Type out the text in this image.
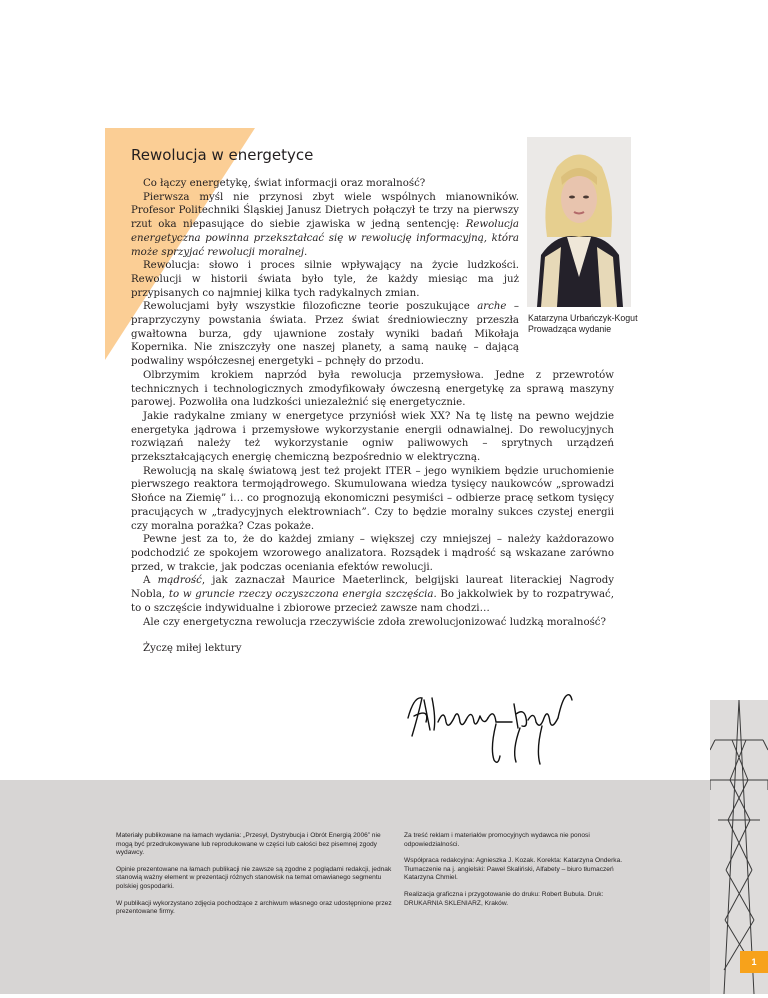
Rewolucja w energetyce
Katarzyna Urbańczyk-Kogut
Prowadząca wydanie

Co łączy energetykę, świat informacji oraz moralność?

Pierwsza myśl nie przynosi zbyt wiele wspólnych mianowników. Profesor Politechniki Śląskiej Janusz Dietrych połączył te trzy na pierwszy rzut oka niepasujące do siebie zjawiska w jedną sentencję: Rewolucja energetyczna powinna przekształcać się w rewolucję informacyjną, która może sprzyjać rewolucji moralnej.

Rewolucja: słowo i proces silnie wpływający na życie ludzkości. Rewolucji w historii świata było tyle, że każdy miesiąc ma już przypisanych co najmniej kilka tych radykalnych zmian.

Rewolucjami były wszystkie filozoficzne teorie poszukujące arche – praprzyczyny powstania świata. Przez świat średniowieczny przeszła gwałtowna burza, gdy ujawnione zostały wyniki badań Mikołaja Kopernika. Nie zniszczyły one naszej planety, a samą naukę – dającą podwaliny współczesnej energetyki – pchnęły do przodu.

Olbrzymim krokiem naprzód była rewolucja przemysłowa. Jedne z przewrotów technicznych i technologicznych zmodyfikowały ówczesną energetykę za sprawą maszyny parowej. Pozwoliła ona ludzkości uniezależnić się energetycznie.

Jakie radykalne zmiany w energetyce przyniósł wiek XX? Na tę listę na pewno wejdzie energetyka jądrowa i przemysłowe wykorzystanie energii odnawialnej. Do rewolucyjnych rozwiązań należy też wykorzystanie ogniw paliwowych – sprytnych urządzeń przekształcających energię chemiczną bezpośrednio w elektryczną.

Rewolucją na skalę światową jest też projekt ITER – jego wynikiem będzie uruchomienie pierwszego reaktora termojądrowego. Skumulowana wiedza tysięcy naukowców „sprowadzi Słońce na Ziemię” i… co prognozują ekonomiczni pesymiści – odbierze pracę setkom tysięcy pracujących w „tradycyjnych elektrowniach”. Czy to będzie moralny sukces czystej energii czy moralna porażka? Czas pokaże.

Pewne jest za to, że do każdej zmiany – większej czy mniejszej – należy każdorazowo podchodzić ze spokojem wzorowego analizatora. Rozsądek i mądrość są wskazane zarówno przed, w trakcie, jak podczas oceniania efektów rewolucji.

A mądrość, jak zaznaczał Maurice Maeterlinck, belgijski laureat literackiej Nagrody Nobla, to w gruncie rzeczy oczyszczona energia szczęścia. Bo jakkolwiek by to rozpatrywać, to o szczęście indywidualne i zbiorowe przecież zawsze nam chodzi…

Ale czy energetyczna rewolucja rzeczywiście zdoła zrewolucjonizować ludzką moralność?

Życzę miłej lektury

Materiały publikowane na łamach wydania: „Przesył, Dystrybucja i Obrót Energią 2006” nie mogą być przedrukowywane lub reprodukowane w części lub całości bez pisemnej zgody wydawcy.

Opinie prezentowane na łamach publikacji nie zawsze są zgodne z poglądami redakcji, jednak stanowią ważny element w prezentacji różnych stanowisk na temat omawianego segmentu polskiej gospodarki.

W publikacji wykorzystano zdjęcia pochodzące z archiwum własnego oraz udostępnione przez prezentowane firmy.

Za treść reklam i materiałów promocyjnych wydawca nie ponosi odpowiedzialności.

Współpraca redakcyjna: Agnieszka J. Kozak. Korekta: Katarzyna Onderka. Tłumaczenie na j. angielski: Paweł Skaliński, Alfabety – biuro tłumaczeń Katarzyna Chmiel.

Realizacja graficzna i przygotowanie do druku: Robert Bubula. Druk: DRUKARNIA SKLENIARZ, Kraków.

1
